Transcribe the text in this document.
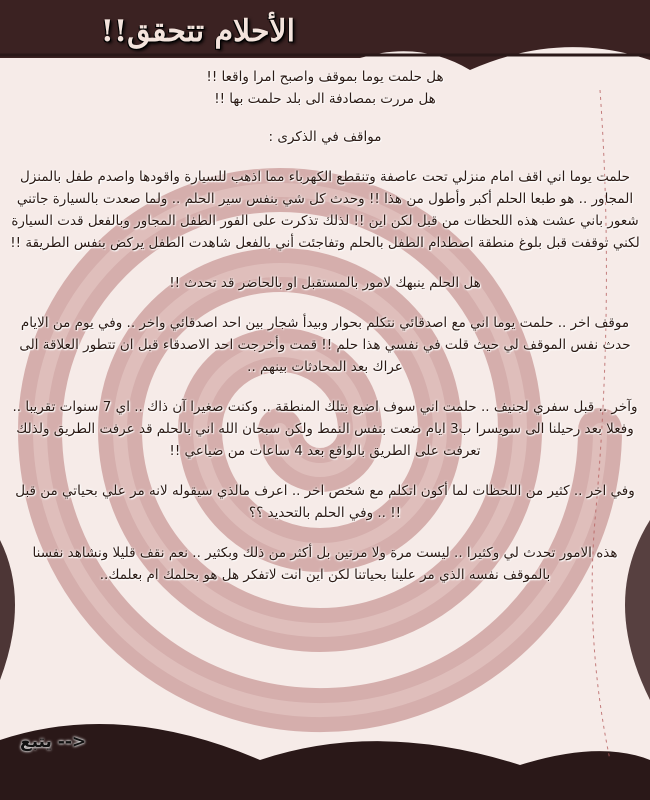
الأحلام تتحقق!!

هل حلمت يوما بموقف واصبح امرا واقعا !!
هل مررت بمصادفة الى بلد حلمت بها !!

مواقف في الذكرى :

حلمت يوما اني اقف امام منزلي تحت عاصفة وتنقطع الكهرباء مما اذهب للسيارة واقودها واصدم طفل بالمنزل المجاور .. هو طبعا الحلم أكبر وأطول من هذا !! وحدث كل شي بنفس سير الحلم .. ولما صعدت بالسيارة جاتني شعور باني عشت هذه اللحظات من قبل لكن اين !! لذلك تذكرت على الفور الطفل المجاور وبالفعل قدت السيارة لكني توقفت قبل بلوغ منطقة اصطدام الطفل بالحلم وتفاجئت أني بالفعل شاهدت الطفل يركض بنفس الطريقة !!

هل الحلم ينبهك لامور بالمستقبل او بالحاضر قد تحدث !!

موقف اخر .. حلمت يوما اني مع اصدقائي نتكلم بحوار وبيدأ شجار بين احد اصدقائي واخر .. وفي يوم من الايام حدث نفس الموقف لي حيث قلت في نفسي هذا حلم !! قمت وأخرجت احد الاصدقاء قبل ان تتطور العلاقة الى عراك بعد المحادثات بينهم ..

وآخر .. قبل سفري لجنيف .. حلمت اني سوف اضيع بتلك المنطقة .. وكنت صغيرا آن ذاك .. اي 7 سنوات تقريبا .. وفعلا بعد رحيلنا الى سويسرا ب3 ايام ضعت بنفس النمط ولكن سبحان الله اني بالحلم قد عرفت الطريق ولذلك تعرفت على الطريق بالواقع بعد 4 ساعات من ضياعي !!

وفي اخر .. كثير من اللحظات لما أكون اتكلم مع شخص اخر .. اعرف مالذي سيقوله لانه مر علي بحياتي من قبل !! .. وفي الحلم بالتحديد ؟؟

هذه الامور تحدث لي وكثيرا .. ليست مرة ولا مرتين بل أكثر من ذلك وبكثير .. نعم نقف قليلا ونشاهد نفسنا بالموقف نفسه الذي مر علينا بحياتنا لكن اين انت لاتفكر هل هو بحلمك ام بعلمك..

يتبع -->
